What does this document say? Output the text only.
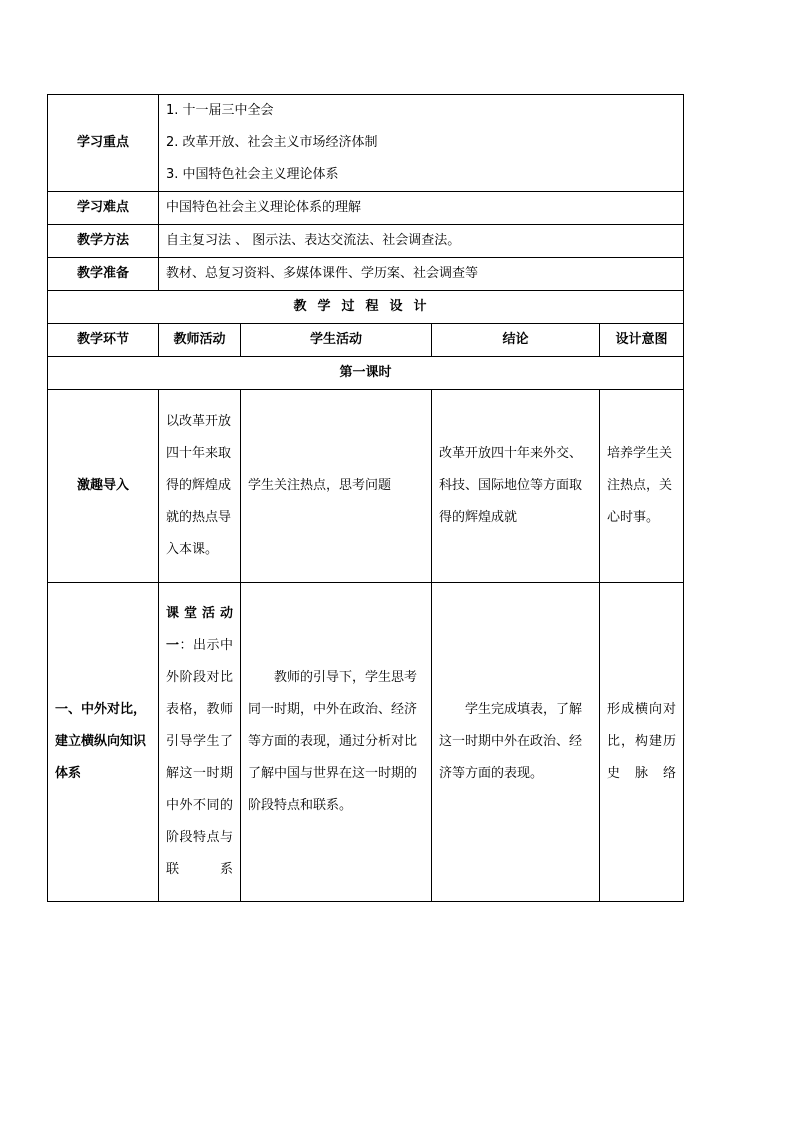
学习重点	1. 十一届三中全会
2. 改革开放、社会主义市场经济体制
3. 中国特色社会主义理论体系			

学习难点	中国特色社会主义理论体系的理解			
教学方法	自主复习法 、 图示法、表达交流法、社会调查法。			
教学准备	教材、总复习资料、多媒体课件、学历案、社会调查等			
教学过程设计				
教学环节	教师活动	学生活动	结论	设计意图
第一课时				
激趣导入	以改革开放四十年来取得的辉煌成就的热点导入本课。	学生关注热点，思考问题	改革开放四十年来外交、科技、国际地位等方面取得的辉煌成就	培养学生关注热点，关心时事。
一、中外对比，建立横纵向知识体系	课堂活动一：出示中外阶段对比表格，教师引导学生了解这一时期中外不同的阶段特点与联系	教师的引导下，学生思考同一时期，中外在政治、经济等方面的表现，通过分析对比了解中国与世界在这一时期的阶段特点和联系。	学生完成填表，了解这一时期中外在政治、经济等方面的表现。	形成横向对比，构建历史脉络
